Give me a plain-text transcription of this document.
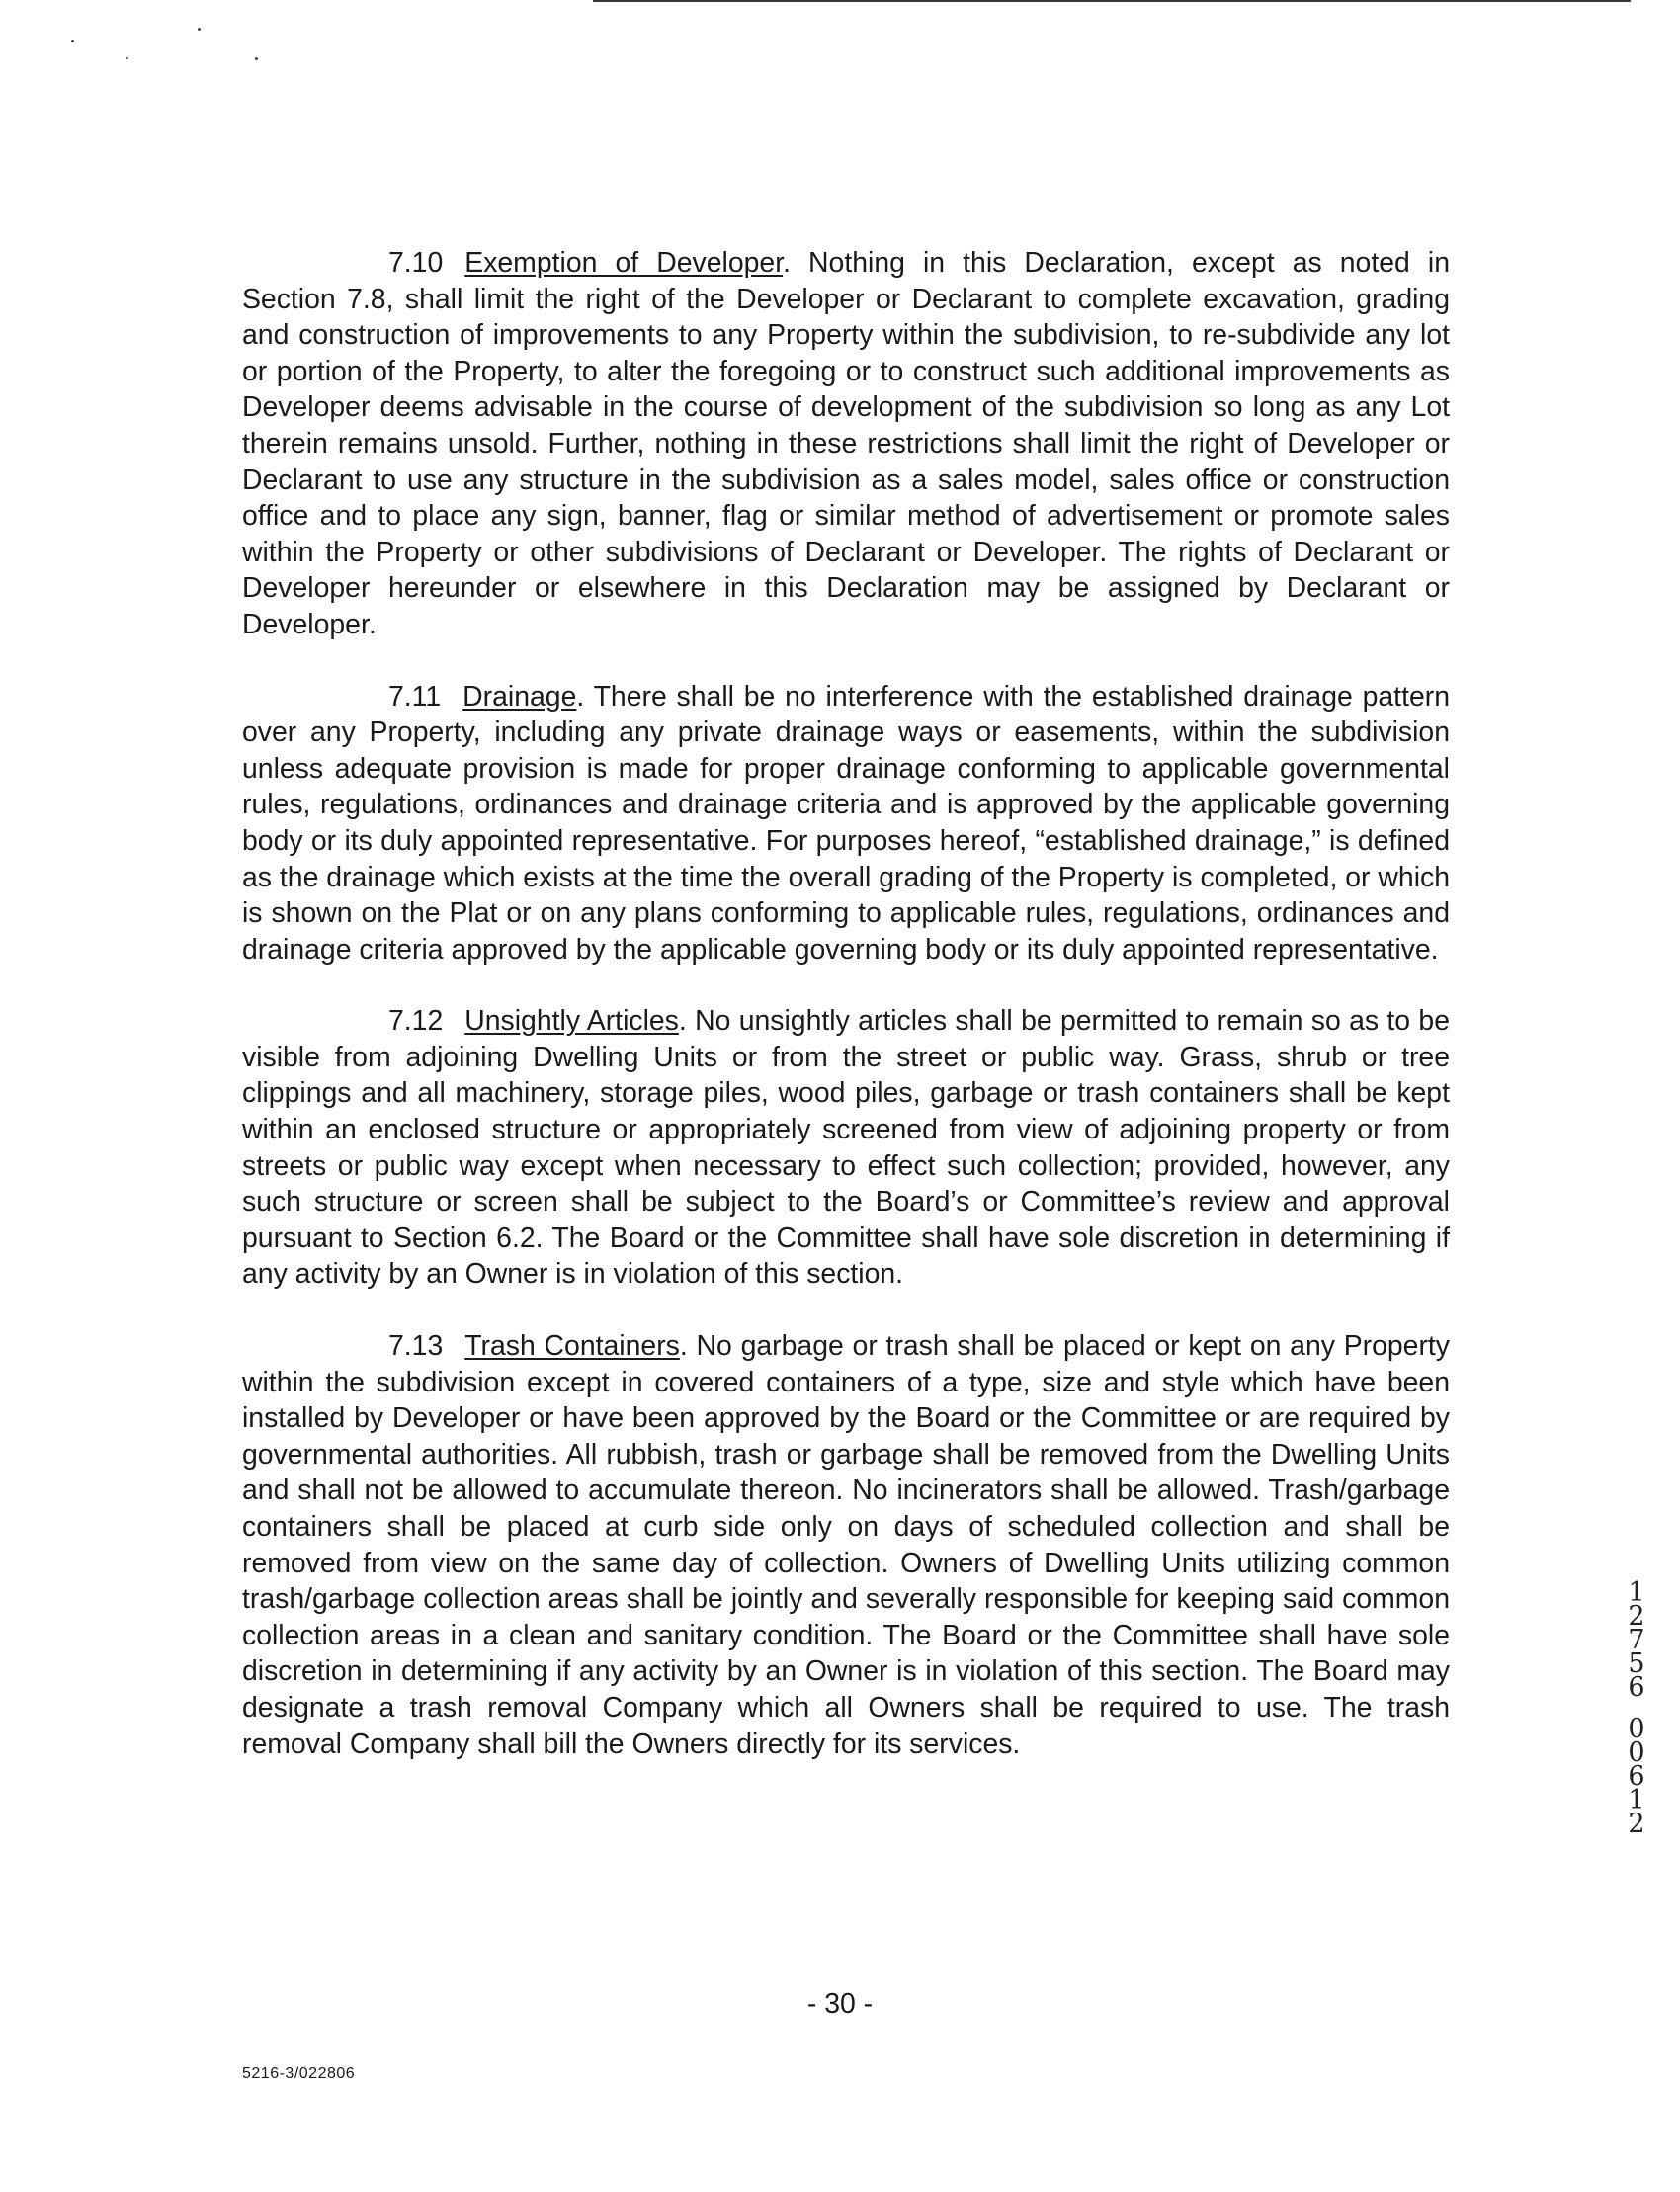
7.10 Exemption of Developer. Nothing in this Declaration, except as noted in Section 7.8, shall limit the right of the Developer or Declarant to complete excavation, grading and construction of improvements to any Property within the subdivision, to re-subdivide any lot or portion of the Property, to alter the foregoing or to construct such additional improvements as Developer deems advisable in the course of development of the subdivision so long as any Lot therein remains unsold. Further, nothing in these restrictions shall limit the right of Developer or Declarant to use any structure in the subdivision as a sales model, sales office or construction office and to place any sign, banner, flag or similar method of advertisement or promote sales within the Property or other subdivisions of Declarant or Developer. The rights of Declarant or Developer hereunder or elsewhere in this Declaration may be assigned by Declarant or Developer.

7.11 Drainage. There shall be no interference with the established drainage pattern over any Property, including any private drainage ways or easements, within the subdivision unless adequate provision is made for proper drainage conforming to applicable governmental rules, regulations, ordinances and drainage criteria and is approved by the applicable governing body or its duly appointed representative. For purposes hereof, “established drainage,” is defined as the drainage which exists at the time the overall grading of the Property is completed, or which is shown on the Plat or on any plans conforming to applicable rules, regulations, ordinances and drainage criteria approved by the applicable governing body or its duly appointed representative.

7.12 Unsightly Articles. No unsightly articles shall be permitted to remain so as to be visible from adjoining Dwelling Units or from the street or public way. Grass, shrub or tree clippings and all machinery, storage piles, wood piles, garbage or trash containers shall be kept within an enclosed structure or appropriately screened from view of adjoining property or from streets or public way except when necessary to effect such collection; provided, however, any such structure or screen shall be subject to the Board’s or Committee’s review and approval pursuant to Section 6.2. The Board or the Committee shall have sole discretion in determining if any activity by an Owner is in violation of this section.

7.13 Trash Containers. No garbage or trash shall be placed or kept on any Property within the subdivision except in covered containers of a type, size and style which have been installed by Developer or have been approved by the Board or the Committee or are required by governmental authorities. All rubbish, trash or garbage shall be removed from the Dwelling Units and shall not be allowed to accumulate thereon. No incinerators shall be allowed. Trash/garbage containers shall be placed at curb side only on days of scheduled collection and shall be removed from view on the same day of collection. Owners of Dwelling Units utilizing common trash/garbage collection areas shall be jointly and severally responsible for keeping said common collection areas in a clean and sanitary condition. The Board or the Committee shall have sole discretion in determining if any activity by an Owner is in violation of this section. The Board may designate a trash removal Company which all Owners shall be required to use. The trash removal Company shall bill the Owners directly for its services.

1
2
7
5
6
0
0
6
1
2
- 30 -
5216-3/022806
